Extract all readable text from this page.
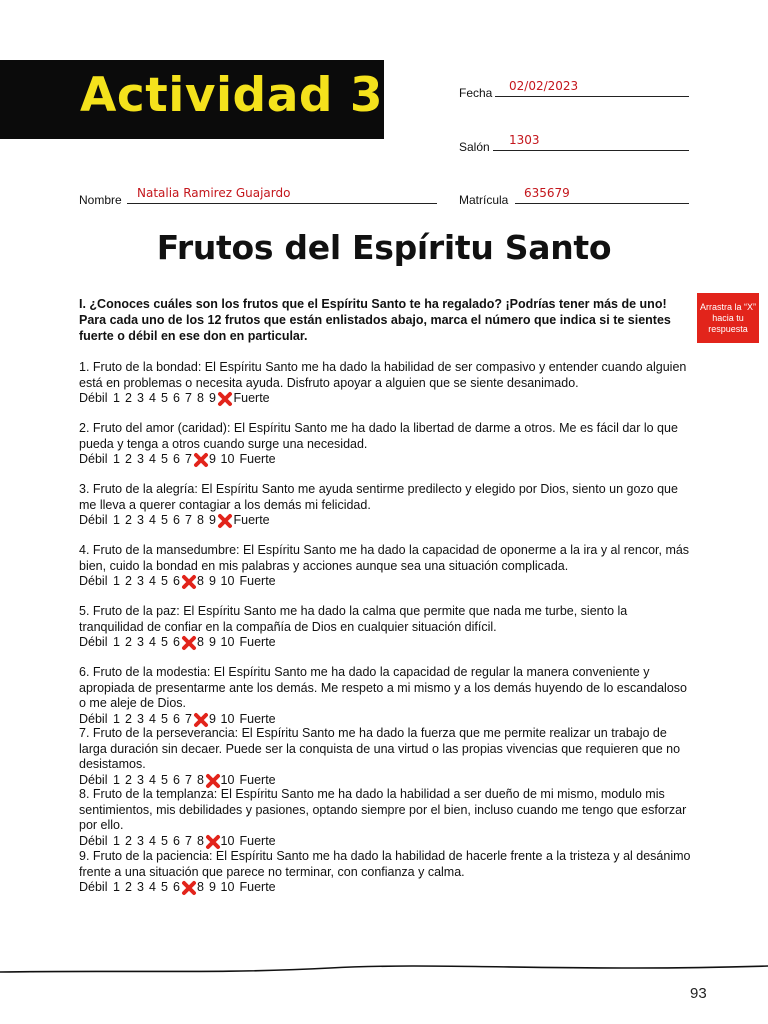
Actividad 3	Fecha 02/02/2023
Salón 1303
Nombre Natalia Ramirez Guajardo	Matrícula 635679
Frutos del Espíritu Santo
I. ¿Conoces cuáles son los frutos que el Espíritu Santo te ha regalado? ¡Podrías tener más de uno! Para cada uno de los 12 frutos que están enlistados abajo, marca el número que indica si te sientes fuerte o débil en ese don en particular.
Arrastra la “X” hacia tu respuesta

1. Fruto de la bondad: El Espíritu Santo me ha dado la habilidad de ser compasivo y entender cuando alguien está en problemas o necesita ayuda. Disfruto apoyar a alguien que se siente desanimado.

Débil 1 2 3 4 5 6 7 8 9 Fuerte

2. Fruto del amor (caridad): El Espíritu Santo me ha dado la libertad de darme a otros. Me es fácil dar lo que pueda y tenga a otros cuando surge una necesidad.

Débil 1 2 3 4 5 6 7 9 10 Fuerte

3. Fruto de la alegría: El Espíritu Santo me ayuda sentirme predilecto y elegido por Dios, siento un gozo que me lleva a querer contagiar a los demás mi felicidad.

Débil 1 2 3 4 5 6 7 8 9 Fuerte

4. Fruto de la mansedumbre: El Espíritu Santo me ha dado la capacidad de oponerme a la ira y al rencor, más bien, cuido la bondad en mis palabras y acciones aunque sea una situación complicada.

Débil 1 2 3 4 5 6 8 9 10 Fuerte

5. Fruto de la paz: El Espíritu Santo me ha dado la calma que permite que nada me turbe, siento la tranquilidad de confiar en la compañía de Dios en cualquier situación difícil.

Débil 1 2 3 4 5 6 8 9 10 Fuerte

6. Fruto de la modestia: El Espíritu Santo me ha dado la capacidad de regular la manera conveniente y apropiada de presentarme ante los demás. Me respeto a mi mismo y a los demás huyendo de lo escandaloso o me aleje de Dios.

Débil 1 2 3 4 5 6 7 9 10 Fuerte

7. Fruto de la perseverancia: El Espíritu Santo me ha dado la fuerza que me permite realizar un trabajo de larga duración sin decaer. Puede ser la conquista de una virtud o las propias vivencias que requieren que no desistamos.

Débil 1 2 3 4 5 6 7 8 10 Fuerte

8. Fruto de la templanza: El Espíritu Santo me ha dado la habilidad a ser dueño de mi mismo, modulo mis sentimientos, mis debilidades y pasiones, optando siempre por el bien, incluso cuando me tengo que esforzar por ello.

Débil 1 2 3 4 5 6 7 8 10 Fuerte

9. Fruto de la paciencia: El Espíritu Santo me ha dado la habilidad de hacerle frente a la tristeza y al desánimo frente a una situación que parece no terminar, con confianza y calma.

Débil 1 2 3 4 5 6 8 9 10 Fuerte
93
